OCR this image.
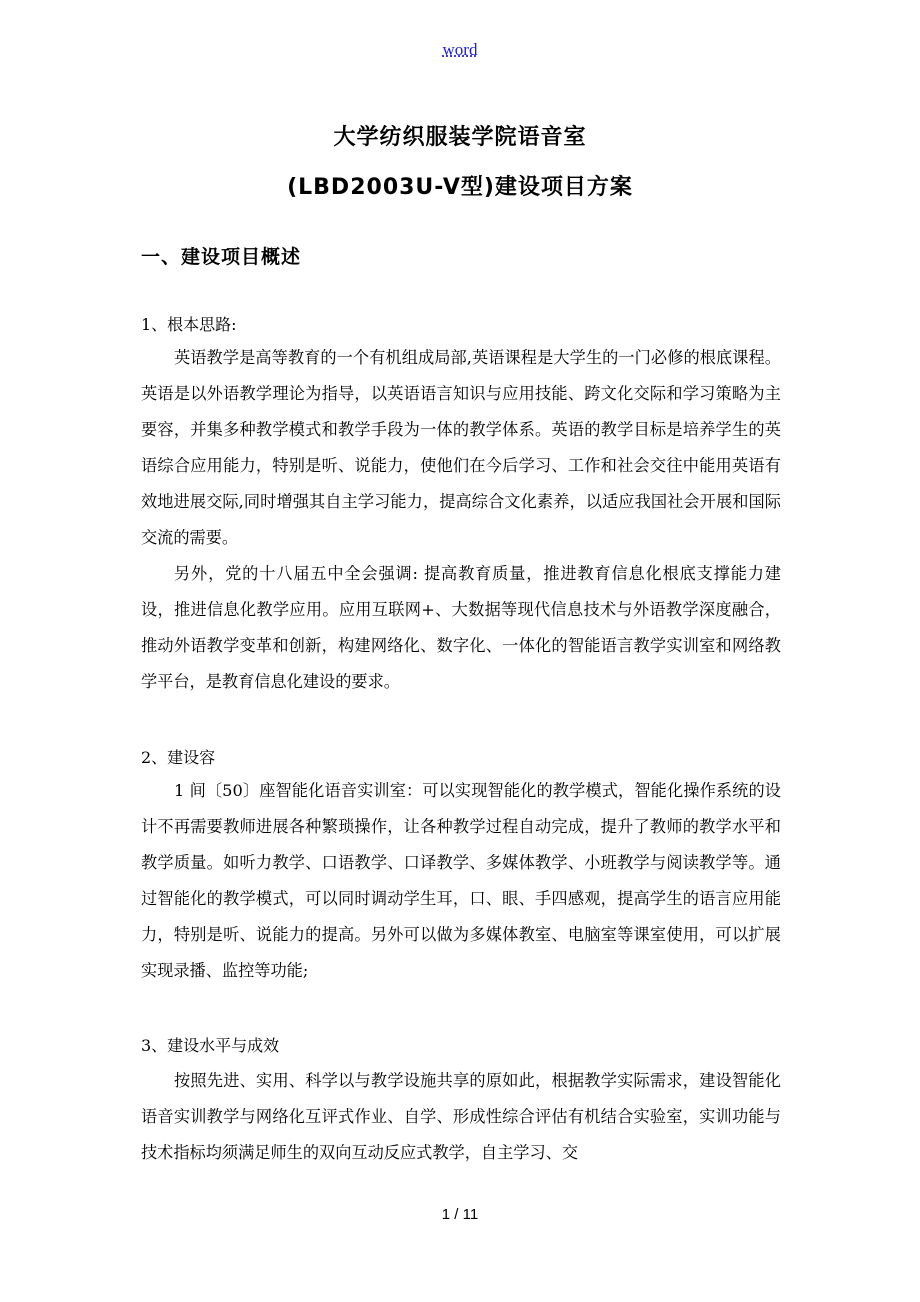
word
大学纺织服装学院语音室
(LBD2003U-V型)建设项目方案
一、建设项目概述
1、根本思路:
英语教学是高等教育的一个有机组成局部,英语课程是大学生的一门必修的根底课程。英语是以外语教学理论为指导，以英语语言知识与应用技能、跨文化交际和学习策略为主要容，并集多种教学模式和教学手段为一体的教学体系。英语的教学目标是培养学生的英语综合应用能力，特别是听、说能力，使他们在今后学习、工作和社会交往中能用英语有效地进展交际,同时增强其自主学习能力，提高综合文化素养，以适应我国社会开展和国际交流的需要。
另外，党的十八届五中全会强调: 提高教育质量，推进教育信息化根底支撑能力建设，推进信息化教学应用。应用互联网+、大数据等现代信息技术与外语教学深度融合，推动外语教学变革和创新，构建网络化、数字化、一体化的智能语言教学实训室和网络教学平台，是教育信息化建设的要求。
2、建设容
1 间〔50〕座智能化语音实训室：可以实现智能化的教学模式，智能化操作系统的设计不再需要教师进展各种繁琐操作，让各种教学过程自动完成，提升了教师的教学水平和教学质量。如听力教学、口语教学、口译教学、多媒体教学、小班教学与阅读教学等。通过智能化的教学模式，可以同时调动学生耳，口、眼、手四感观，提高学生的语言应用能力，特别是听、说能力的提高。另外可以做为多媒体教室、电脑室等课室使用，可以扩展实现录播、监控等功能;
3、建设水平与成效
按照先进、实用、科学以与教学设施共享的原如此，根据教学实际需求，建设智能化语音实训教学与网络化互评式作业、自学、形成性综合评估有机结合实验室，实训功能与技术指标均须满足师生的双向互动反应式教学，自主学习、交
1 / 11
